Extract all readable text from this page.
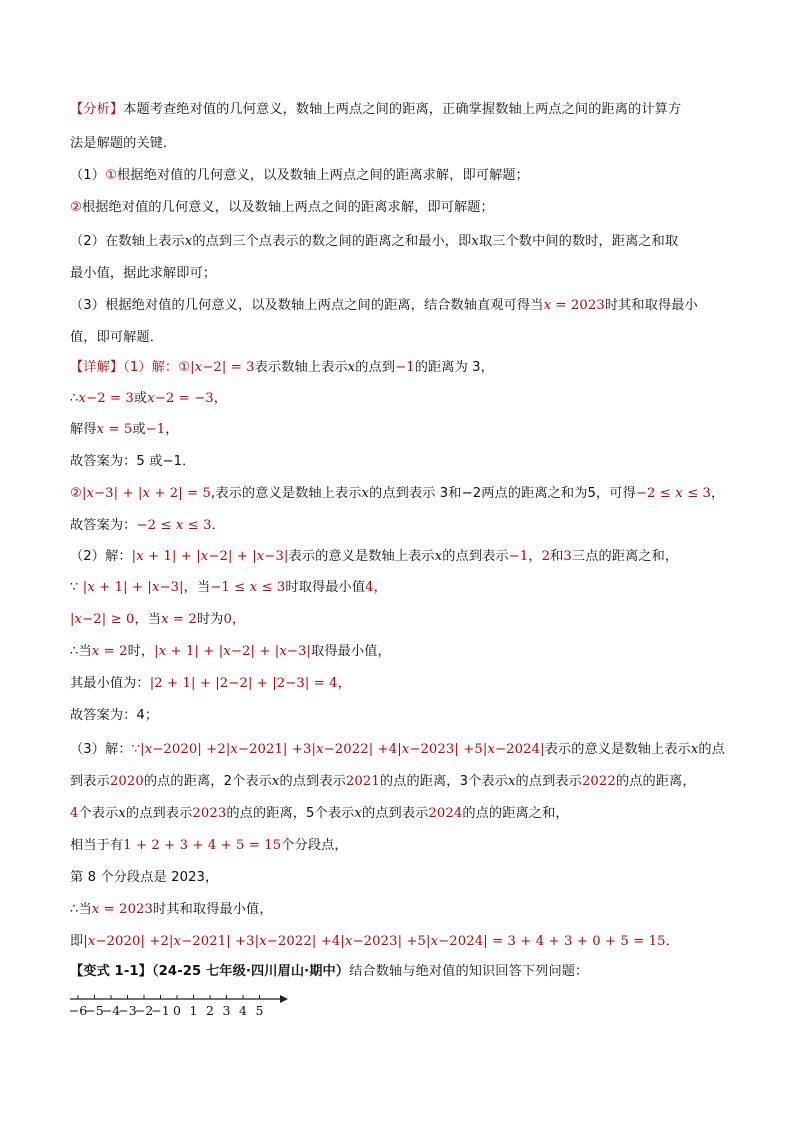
【分析】本题考查绝对值的几何意义，数轴上两点之间的距离，正确掌握数轴上两点之间的距离的计算方
法是解题的关键．
（1）①根据绝对值的几何意义，以及数轴上两点之间的距离求解，即可解题；
②根据绝对值的几何意义，以及数轴上两点之间的距离求解，即可解题；
（2）在数轴上表示x的点到三个点表示的数之间的距离之和最小，即x取三个数中间的数时，距离之和取
最小值，据此求解即可；
（3）根据绝对值的几何意义，以及数轴上两点之间的距离，结合数轴直观可得当x = 2023时其和取得最小
值，即可解题．
【详解】（1）解：①|x−2| = 3表示数轴上表示x的点到−1的距离为 3，
∴x−2 = 3或x−2 = −3，
解得x = 5或−1，
故答案为：5 或−1．
②|x−3| + |x + 2| = 5,表示的意义是数轴上表示x的点到表示 3和−2两点的距离之和为5，可得−2 ≤ x ≤ 3，
故答案为：−2 ≤ x ≤ 3．
（2）解：|x + 1| + |x−2| + |x−3|表示的意义是数轴上表示x的点到表示−1，2和3三点的距离之和，
∵ |x + 1| + |x−3|，当−1 ≤ x ≤ 3时取得最小值4，
|x−2| ≥ 0，当x = 2时为0，
∴当x = 2时，|x + 1| + |x−2| + |x−3|取得最小值，
其最小值为：|2 + 1| + |2−2| + |2−3| = 4，
故答案为：4；
（3）解：∵|x−2020| +2|x−2021| +3|x−2022| +4|x−2023| +5|x−2024|表示的意义是数轴上表示x的点
到表示2020的点的距离，2个表示x的点到表示2021的点的距离，3个表示x的点到表示2022的点的距离，
4个表示x的点到表示2023的点的距离，5个表示x的点到表示2024的点的距离之和，
相当于有1 + 2 + 3 + 4 + 5 = 15个分段点，
第 8 个分段点是 2023，
∴当x = 2023时其和取得最小值，
即|x−2020| +2|x−2021| +3|x−2022| +4|x−2023| +5|x−2024| = 3 + 4 + 3 + 0 + 5 = 15．
【变式 1-1】（24-25 七年级·四川眉山·期中）结合数轴与绝对值的知识回答下列问题：
−6
−5
−4
−3
−2
−1 0 1 2 3 4 5
